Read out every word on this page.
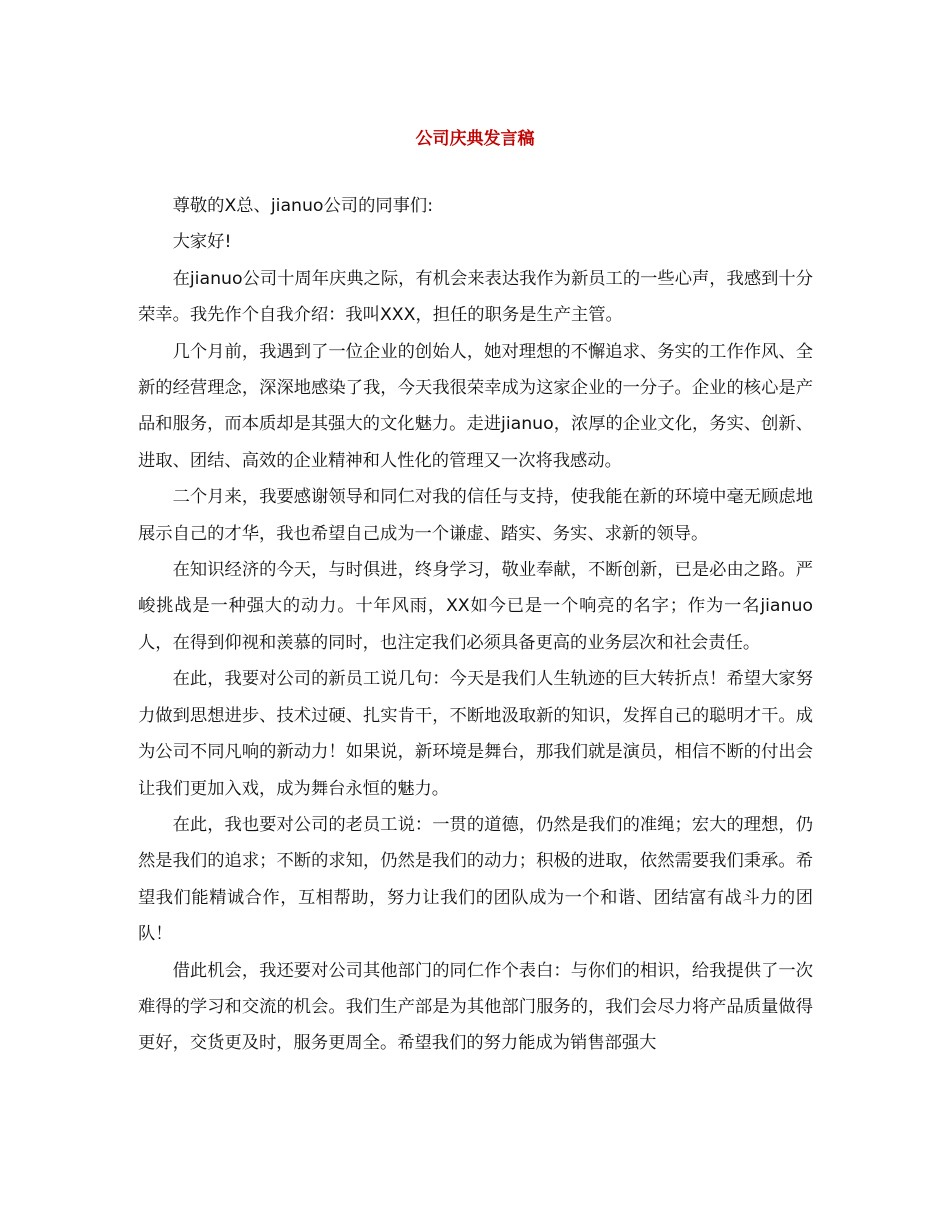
公司庆典发言稿

尊敬的X总、jianuo公司的同事们:

大家好!

在jianuo公司十周年庆典之际，有机会来表达我作为新员工的一些心声，我感到十分荣幸。我先作个自我介绍：我叫XXX，担任的职务是生产主管。

几个月前，我遇到了一位企业的创始人，她对理想的不懈追求、务实的工作作风、全新的经营理念，深深地感染了我，今天我很荣幸成为这家企业的一分子。企业的核心是产品和服务，而本质却是其强大的文化魅力。走进jianuo，浓厚的企业文化，务实、创新、进取、团结、高效的企业精神和人性化的管理又一次将我感动。

二个月来，我要感谢领导和同仁对我的信任与支持，使我能在新的环境中毫无顾虑地展示自己的才华，我也希望自己成为一个谦虚、踏实、务实、求新的领导。

在知识经济的今天，与时俱进，终身学习，敬业奉献，不断创新，已是必由之路。严峻挑战是一种强大的动力。十年风雨，XX如今已是一个响亮的名字；作为一名jianuo人，在得到仰视和羡慕的同时，也注定我们必须具备更高的业务层次和社会责任。

在此，我要对公司的新员工说几句：今天是我们人生轨迹的巨大转折点！希望大家努力做到思想进步、技术过硬、扎实肯干，不断地汲取新的知识，发挥自己的聪明才干。成为公司不同凡响的新动力！如果说，新环境是舞台，那我们就是演员，相信不断的付出会让我们更加入戏，成为舞台永恒的魅力。

在此，我也要对公司的老员工说：一贯的道德，仍然是我们的准绳；宏大的理想，仍然是我们的追求；不断的求知，仍然是我们的动力；积极的进取，依然需要我们秉承。希望我们能精诚合作，互相帮助，努力让我们的团队成为一个和谐、团结富有战斗力的团队！

借此机会，我还要对公司其他部门的同仁作个表白：与你们的相识，给我提供了一次难得的学习和交流的机会。我们生产部是为其他部门服务的，我们会尽力将产品质量做得更好，交货更及时，服务更周全。希望我们的努力能成为销售部强大
